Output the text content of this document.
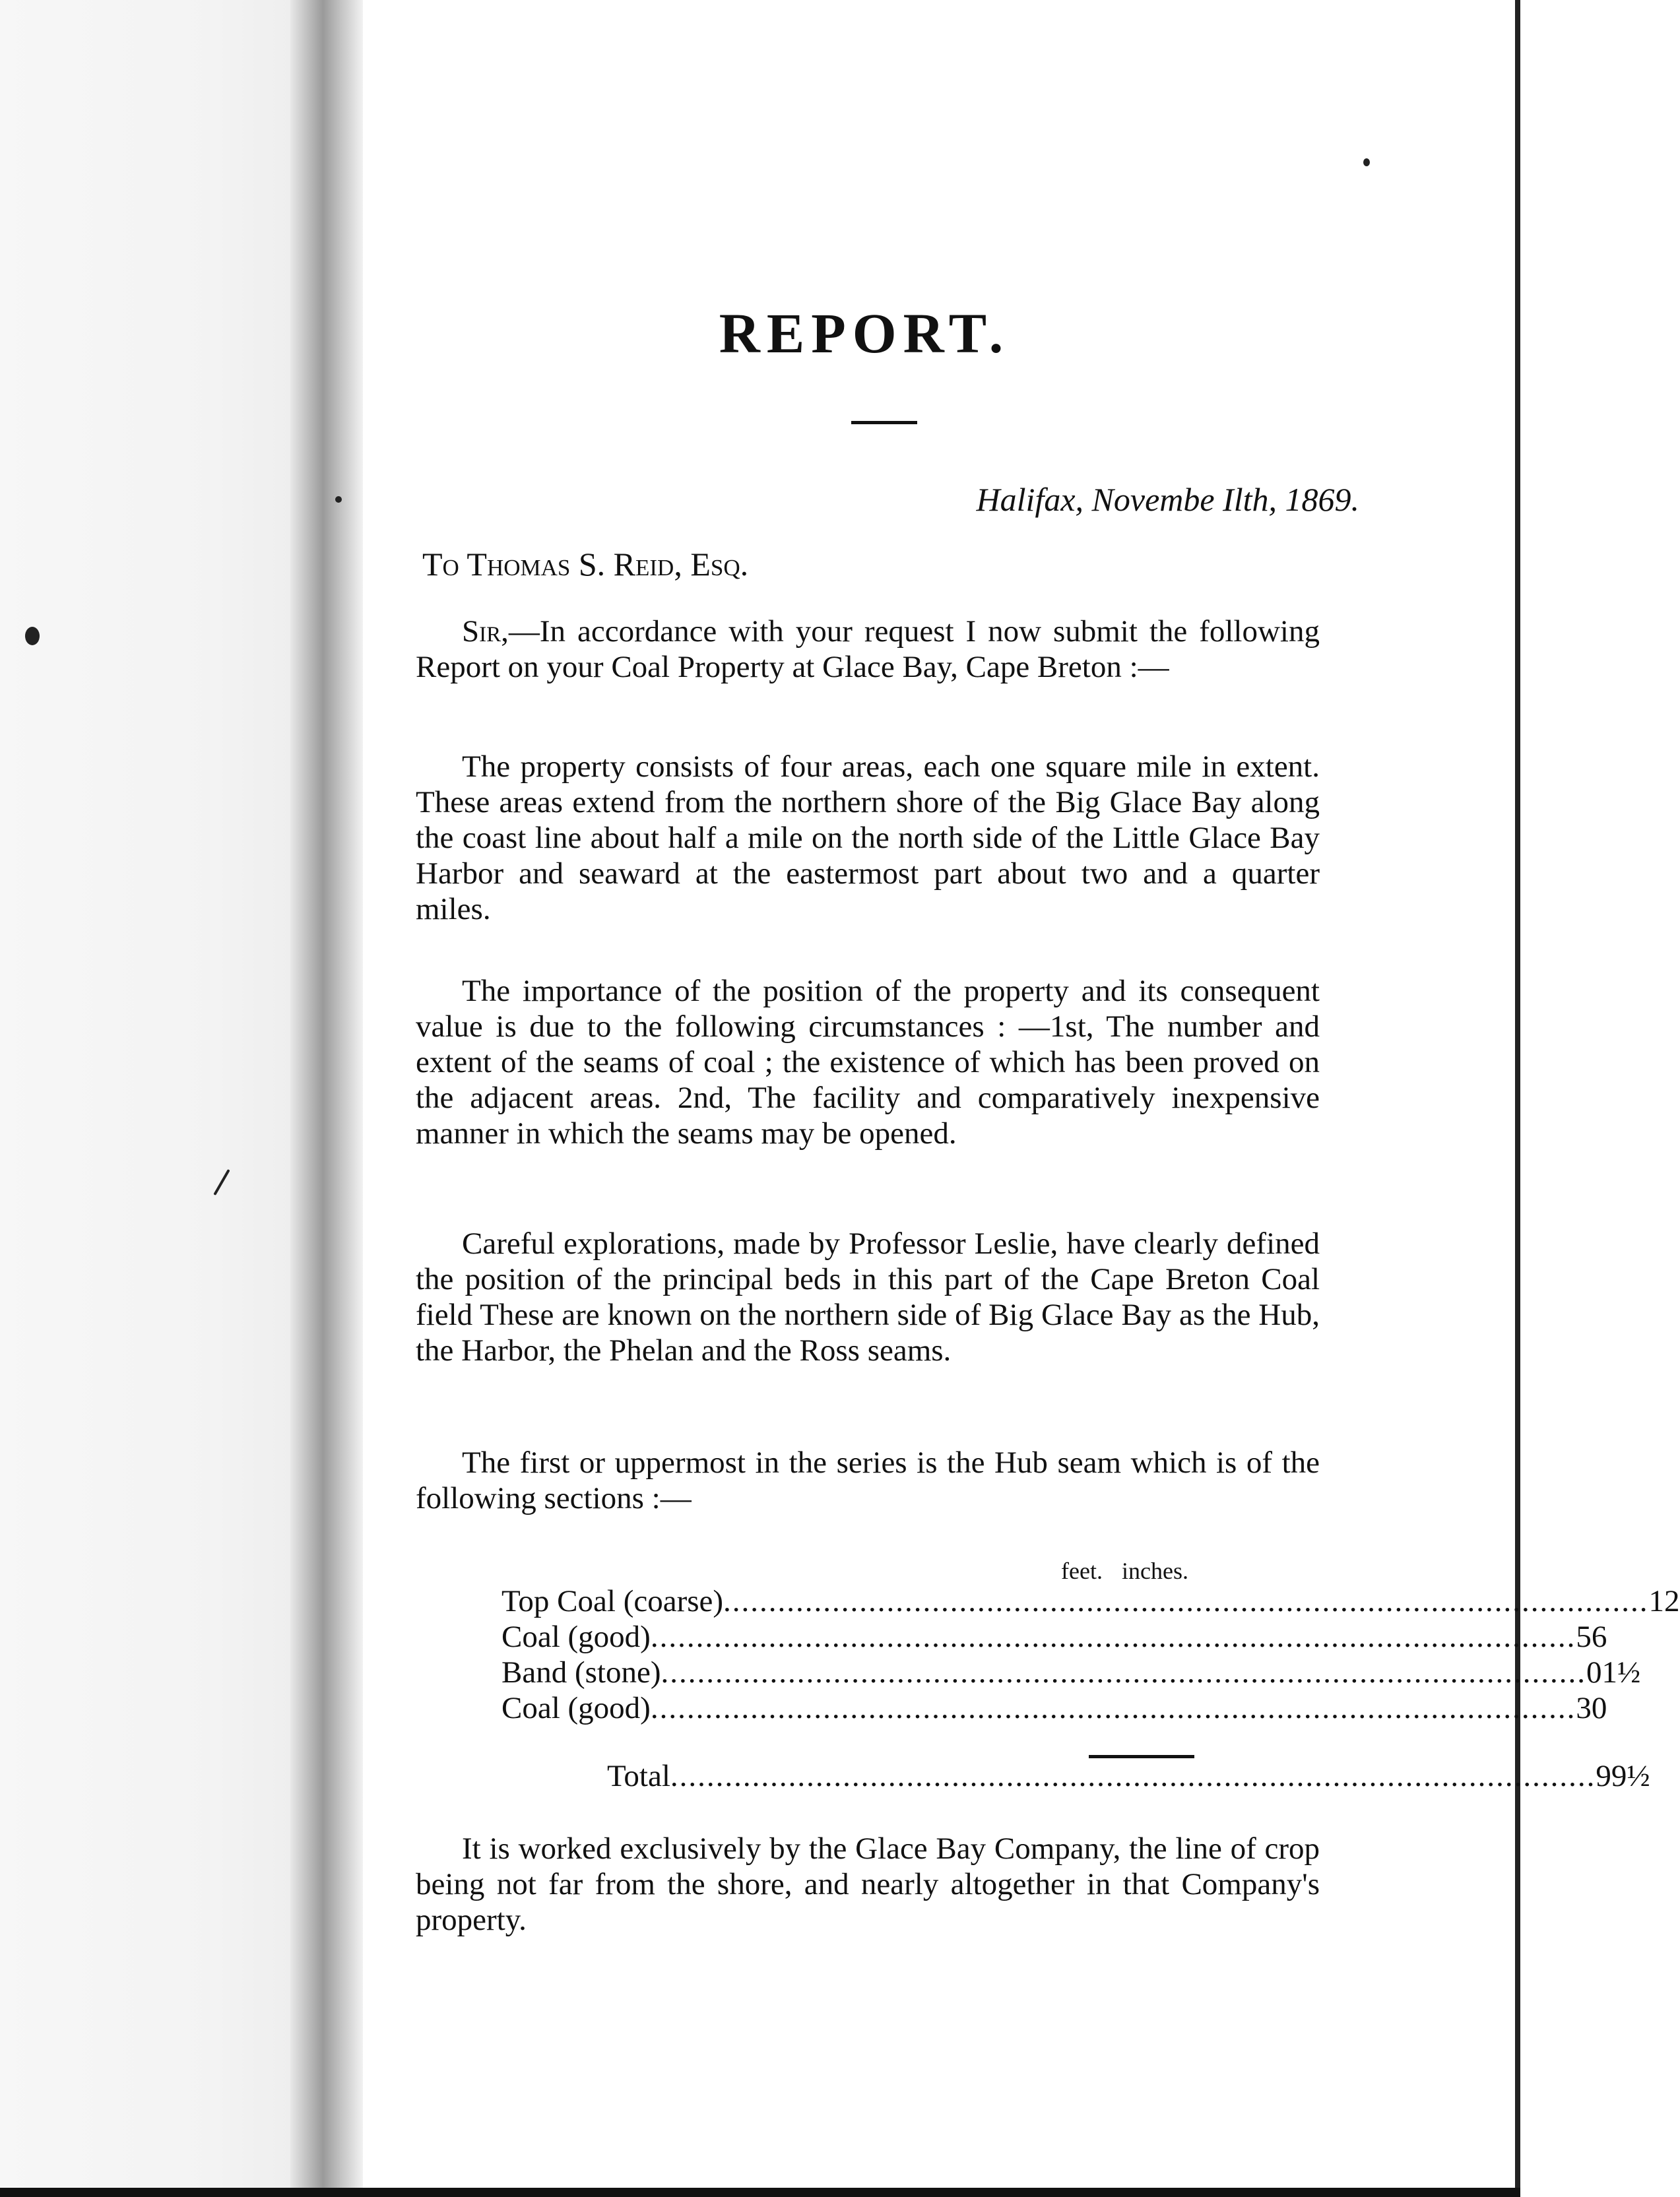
REPORT.
Halifax, Novembe Ilth, 1869.
To Thomas S. Reid, Esq.

Sir,—In accordance with your request I now submit the following Report on your Coal Property at Glace Bay, Cape Breton :—

The property consists of four areas, each one square mile in extent. These areas extend from the northern shore of the Big Glace Bay along the coast line about half a mile on the north side of the Little Glace Bay Harbor and seaward at the eastermost part about two and a quarter miles.

The importance of the position of the property and its consequent value is due to the following circumstances : —1st, The number and extent of the seams of coal ; the existence of which has been proved on the adjacent areas. 2nd, The facility and comparatively inexpensive manner in which the seams may be opened.

Careful explorations, made by Professor Leslie, have clearly defined the position of the principal beds in this part of the Cape Breton Coal field These are known on the northern side of Big Glace Bay as the Hub, the Harbor, the Phelan and the Ross seams.

The first or uppermost in the series is the Hub seam which is of the following sections :—

feet. inches.
Top Coal (coarse) ...................................................................................................... 1 2
Coal (good) ...................................................................................................... 5 6
Band (stone) ...................................................................................................... 0 1½
Coal (good) ...................................................................................................... 3 0
Total ...................................................................................................... 9 9½

It is worked exclusively by the Glace Bay Company, the line of crop being not far from the shore, and nearly altogether in that Company's property.
